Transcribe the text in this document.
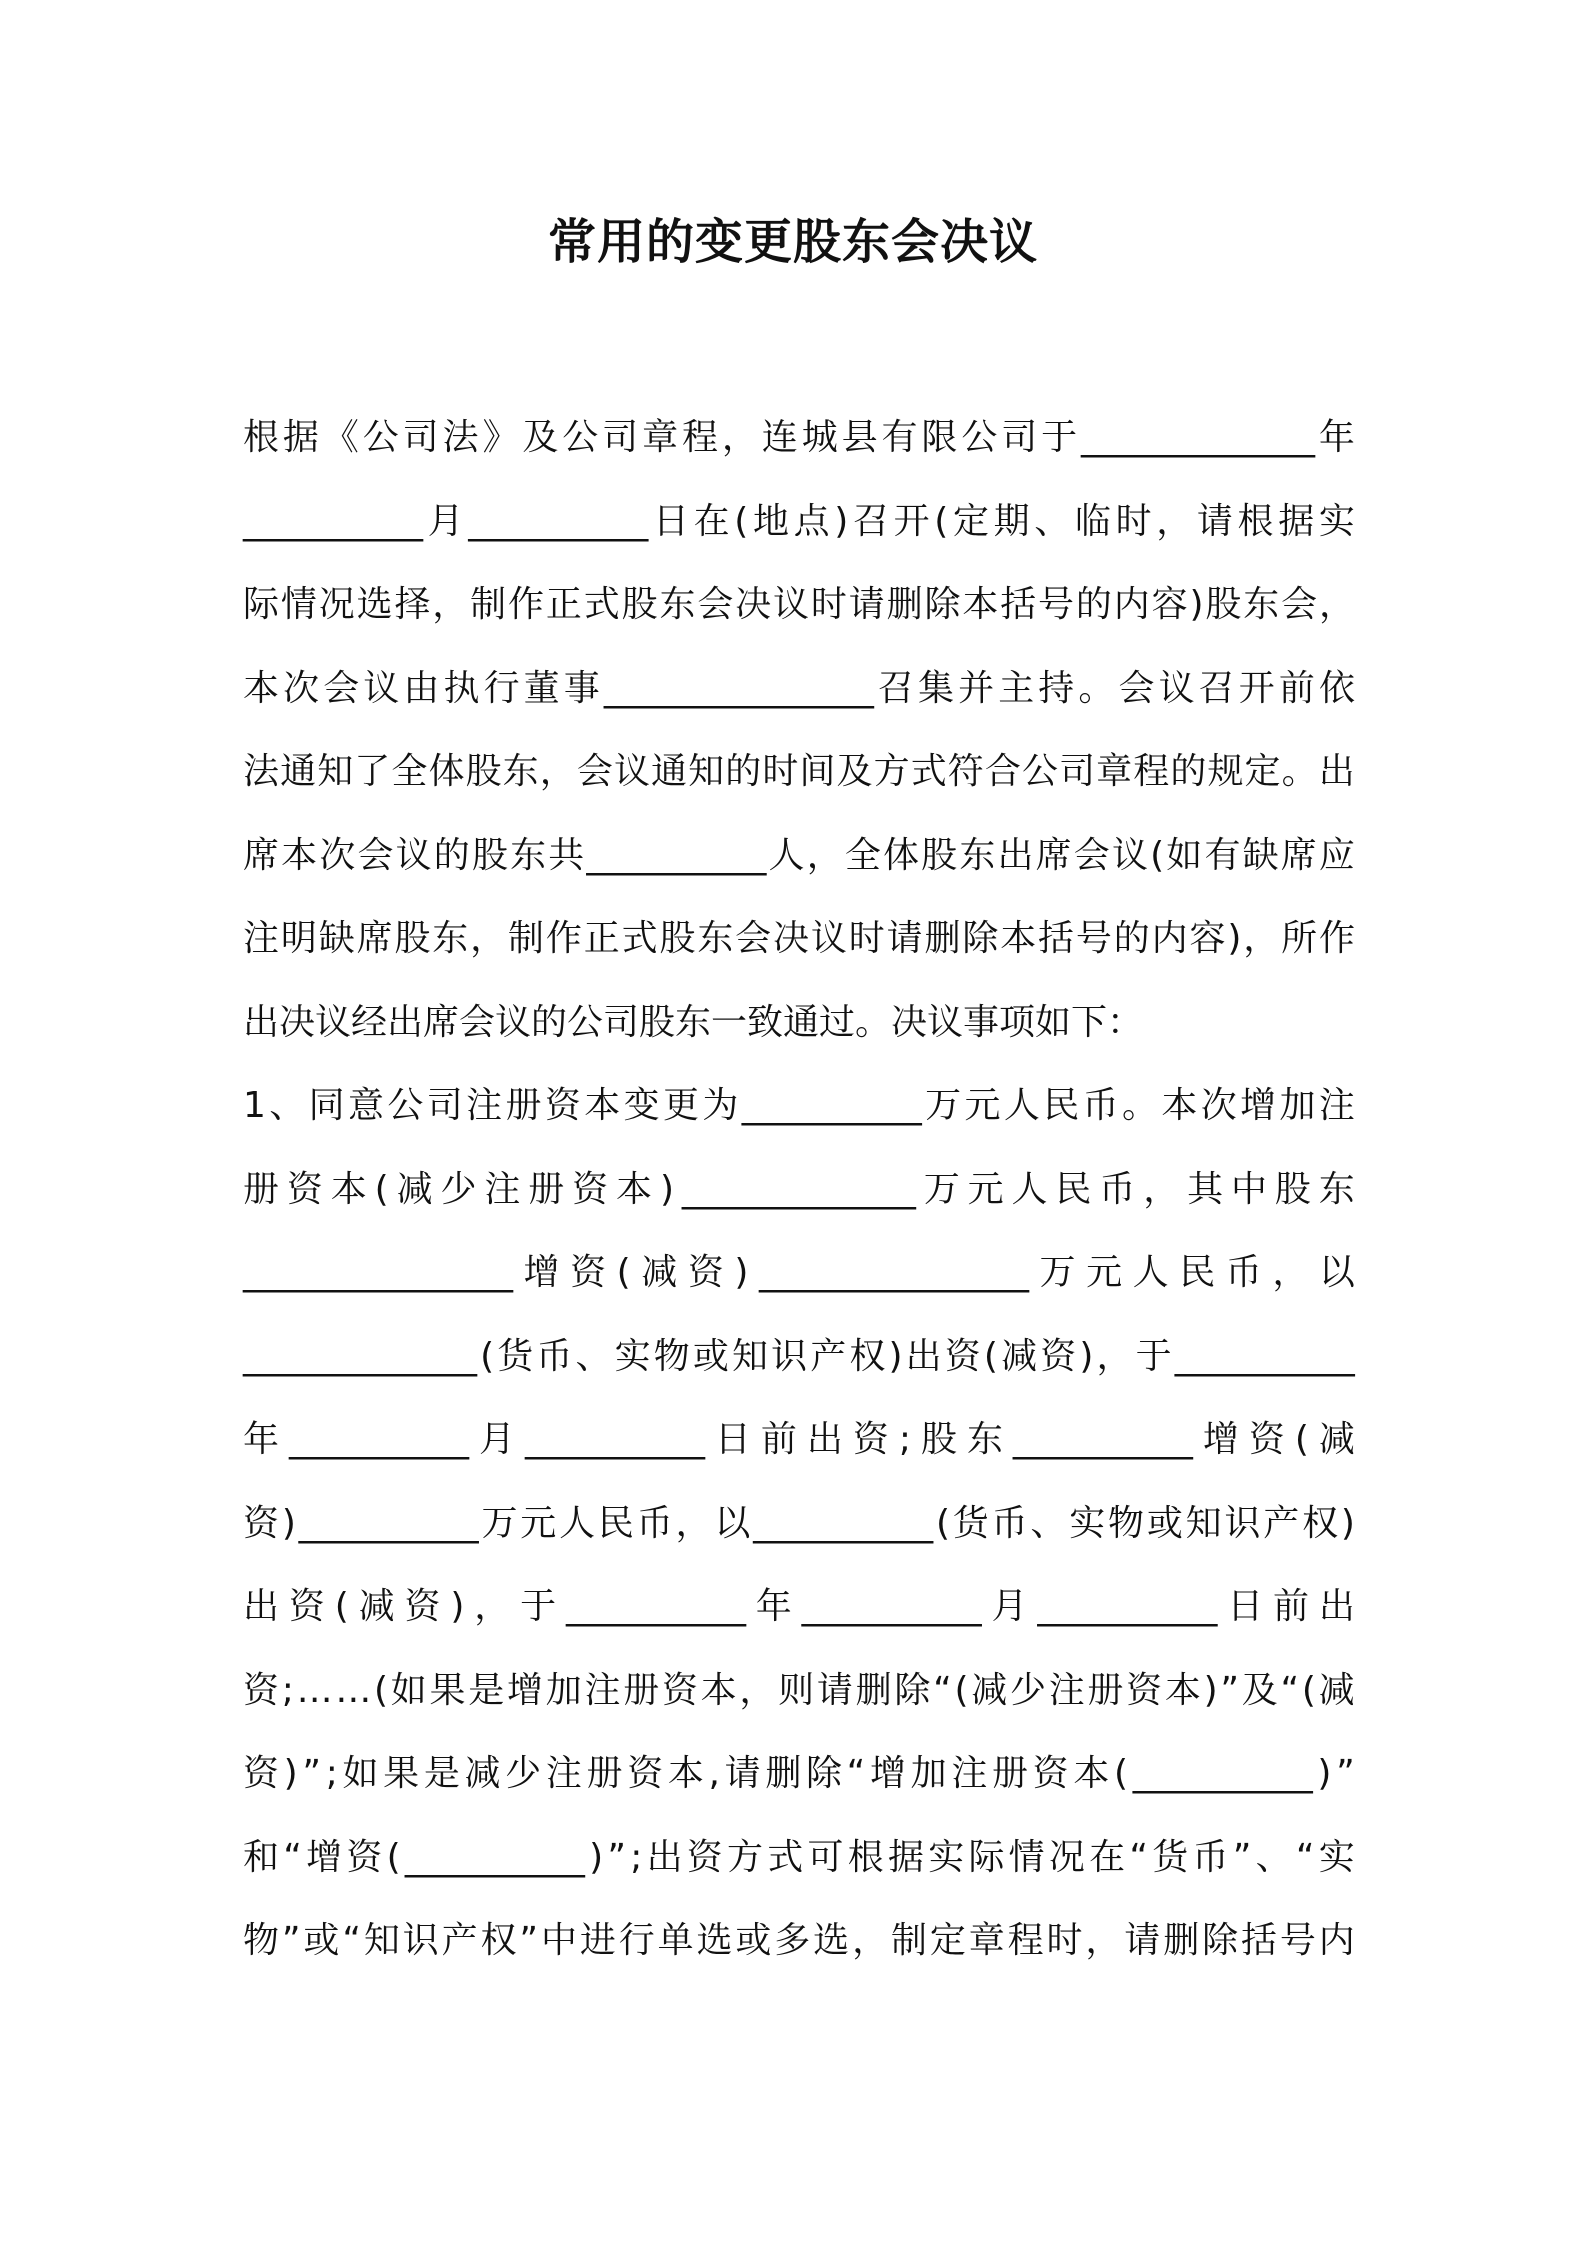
常用的变更股东会决议
根 据 《 公 司 法 》 及 公 司 章 程 ， 连 城 县 有 限 公 司 于 _____________ 年
__________ 月 __________ 日 在 ( 地 点 ) 召 开 ( 定 期 、 临 时 ， 请 根 据 实
际 情 况 选 择 ， 制 作 正 式 股 东 会 决 议 时 请 删 除 本 括 号 的 内 容 ) 股 东 会 ，
本 次 会 议 由 执 行 董 事 _______________ 召 集 并 主 持 。 会 议 召 开 前 依
法 通 知 了 全 体 股 东 ， 会 议 通 知 的 时 间 及 方 式 符 合 公 司 章 程 的 规 定 。 出
席 本 次 会 议 的 股 东 共 __________ 人 ， 全 体 股 东 出 席 会 议 ( 如 有 缺 席 应
注 明 缺 席 股 东 ， 制 作 正 式 股 东 会 决 议 时 请 删 除 本 括 号 的 内 容 ) ， 所 作
出决议经出席会议的公司股东一致通过。决议事项如下：
1 、 同 意 公 司 注 册 资 本 变 更 为 __________ 万 元 人 民 币 。 本 次 增 加 注
册 资 本 ( 减 少 注 册 资 本 ) _____________ 万 元 人 民 币 ， 其 中 股 东
_______________ 增 资 ( 减 资 ) _______________ 万 元 人 民 币 ， 以
_____________ ( 货 币 、 实 物 或 知 识 产 权 ) 出 资 ( 减 资 ) ， 于 __________
年 __________ 月 __________ 日 前 出 资 ; 股 东 __________ 增 资 ( 减
资 ) __________ 万 元 人 民 币 ， 以 __________ ( 货 币 、 实 物 或 知 识 产 权 )
出 资 ( 减 资 ) ， 于 __________ 年 __________ 月 __________ 日 前 出
资 ; … … ( 如 果 是 增 加 注 册 资 本 ， 则 请 删 除 “ ( 减 少 注 册 资 本 ) ” 及 “ ( 减
资 ) ” ; 如 果 是 减 少 注 册 资 本 , 请 删 除 “ 增 加 注 册 资 本 ( __________ ) ”
和 “ 增 资 ( __________ ) ” ; 出 资 方 式 可 根 据 实 际 情 况 在 “ 货 币 ” 、 “ 实
物 ” 或 “ 知 识 产 权 ” 中 进 行 单 选 或 多 选 ， 制 定 章 程 时 ， 请 删 除 括 号 内
